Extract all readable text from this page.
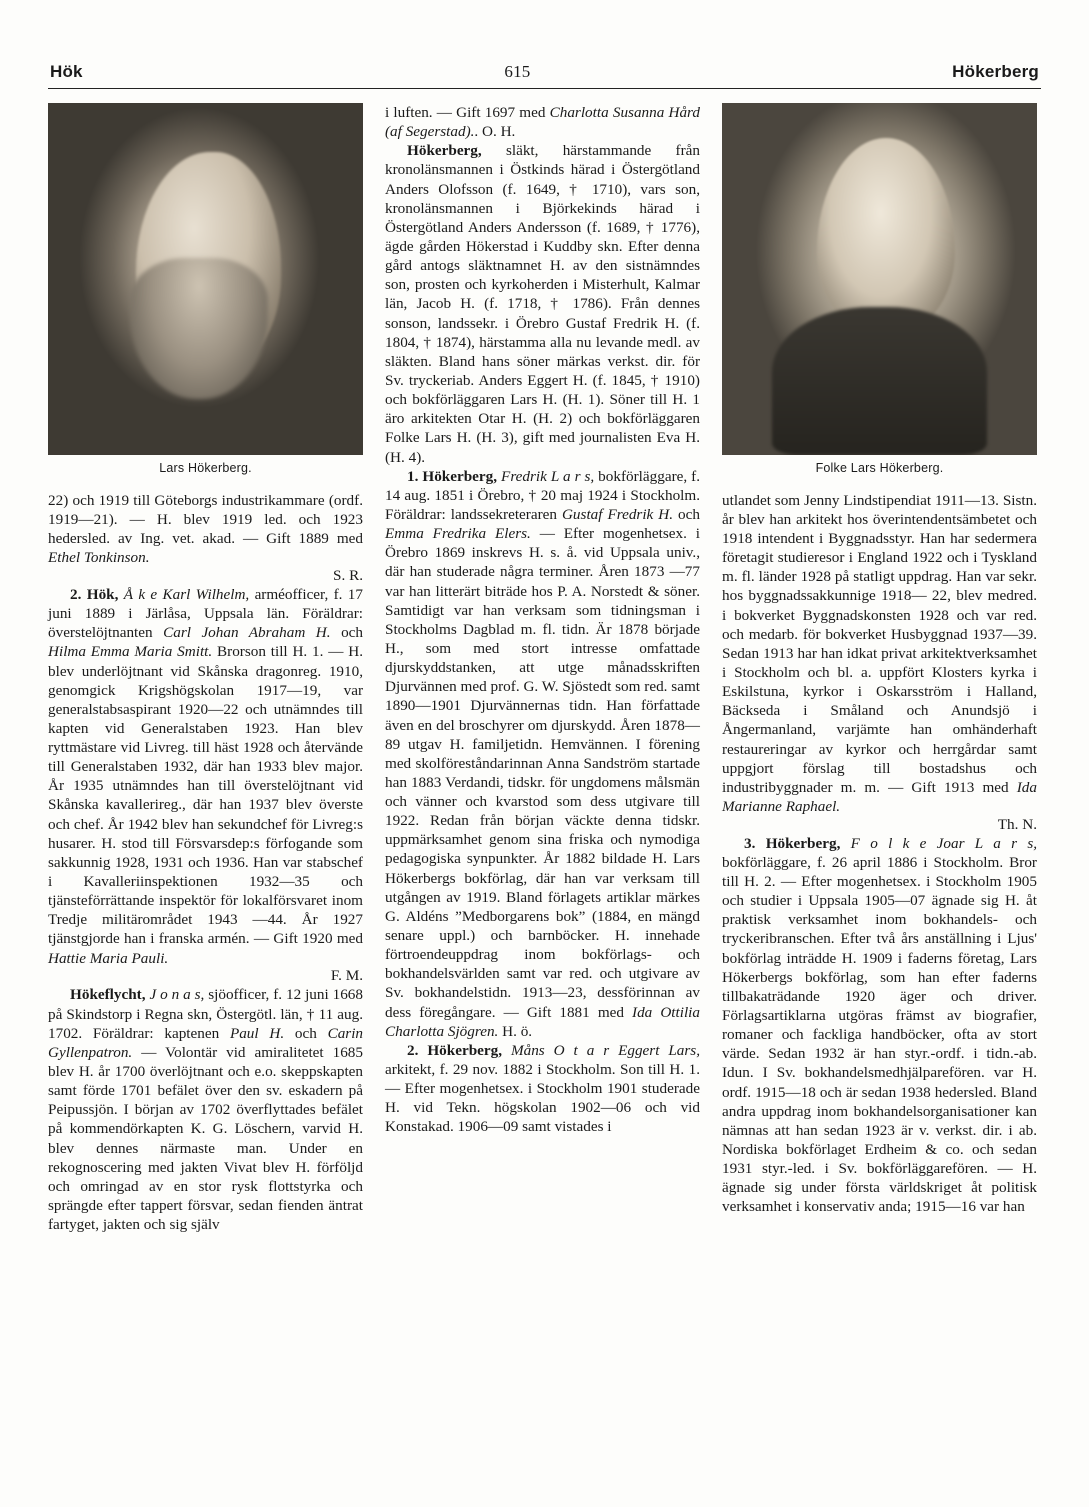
Hök	615	Hökerberg
Lars Hökerberg.

22) och 1919 till Göteborgs industrikammare (ordf. 1919—21). — H. blev 1919 led. och 1923 hedersled. av Ing. vet. akad. — Gift 1889 med Ethel Tonkinson.
S. R.

2. Hök, Å k e Karl Wilhelm, arméofficer, f. 17 juni 1889 i Järlåsa, Uppsala län. Föräldrar: överstelöjtnanten Carl Johan Abraham H. och Hilma Emma Maria Smitt. Brorson till H. 1. — H. blev underlöjtnant vid Skånska dragonreg. 1910, genomgick Krigshögskolan 1917—19, var generalstabsaspirant 1920—22 och utnämndes till kapten vid Generalstaben 1923. Han blev ryttmästare vid Livreg. till häst 1928 och återvände till Generalstaben 1932, där han 1933 blev major. År 1935 utnämndes han till överstelöjtnant vid Skånska kavallerireg., där han 1937 blev överste och chef. År 1942 blev han sekundchef för Livreg:s husarer. H. stod till Försvarsdep:s förfogande som sakkunnig 1928, 1931 och 1936. Han var stabschef i Kavalleriinspektionen 1932—35 och tjänsteförrättande inspektör för lokalförsvaret inom Tredje militärområdet 1943 —44. År 1927 tjänstgjorde han i franska armén. — Gift 1920 med Hattie Maria Pauli.
F. M.

Hökeflycht, J o n a s, sjöofficer, f. 12 juni 1668 på Skindstorp i Regna skn, Östergötl. län, † 11 aug. 1702. Föräldrar: kaptenen Paul H. och Carin Gyllenpatron. — Volontär vid amiralitetet 1685 blev H. år 1700 överlöjtnant och e.o. skeppskapten samt förde 1701 befälet över den sv. eskadern på Peipussjön. I början av 1702 överflyttades befälet på kommendörkapten K. G. Löschern, varvid H. blev dennes närmaste man. Under en rekognoscering med jakten Vivat blev H. förföljd och omringad av en stor rysk flottstyrka och sprängde efter tappert försvar, sedan fienden äntrat fartyget, jakten och sig själv

i luften. — Gift 1697 med Charlotta Susanna Hård (af Segerstad).. O. H.

Hökerberg, släkt, härstammande från kronolänsmannen i Östkinds härad i Östergötland Anders Olofsson (f. 1649, † 1710), vars son, kronolänsmannen i Björkekinds härad i Östergötland Anders Andersson (f. 1689, † 1776), ägde gården Hökerstad i Kuddby skn. Efter denna gård antogs släktnamnet H. av den sistnämndes son, prosten och kyrkoherden i Misterhult, Kalmar län, Jacob H. (f. 1718, † 1786). Från dennes sonson, landssekr. i Örebro Gustaf Fredrik H. (f. 1804, † 1874), härstamma alla nu levande medl. av släkten. Bland hans söner märkas verkst. dir. för Sv. tryckeriab. Anders Eggert H. (f. 1845, † 1910) och bokförläggaren Lars H. (H. 1). Söner till H. 1 äro arkitekten Otar H. (H. 2) och bokförläggaren Folke Lars H. (H. 3), gift med journalisten Eva H. (H. 4).

1. Hökerberg, Fredrik L a r s, bokförläggare, f. 14 aug. 1851 i Örebro, † 20 maj 1924 i Stockholm. Föräldrar: landssekreteraren Gustaf Fredrik H. och Emma Fredrika Elers. — Efter mogenhetsex. i Örebro 1869 inskrevs H. s. å. vid Uppsala univ., där han studerade några terminer. Åren 1873 —77 var han litterärt biträde hos P. A. Norstedt & söner. Samtidigt var han verksam som tidningsman i Stockholms Dagblad m. fl. tidn. Är 1878 började H., som med stort intresse omfattade djurskyddstanken, att utge månadsskriften Djurvännen med prof. G. W. Sjöstedt som red. samt 1890—1901 Djurvännernas tidn. Han författade även en del broschyrer om djurskydd. Åren 1878—89 utgav H. familjetidn. Hemvännen. I förening med skolföreståndarinnan Anna Sandström startade han 1883 Verdandi, tidskr. för ungdomens målsmän och vänner och kvarstod som dess utgivare till 1922. Redan från början väckte denna tidskr. uppmärksamhet genom sina friska och nymodiga pedagogiska synpunkter. År 1882 bildade H. Lars Hökerbergs bokförlag, där han var verksam till utgången av 1919. Bland förlagets artiklar märkes G. Aldéns ”Medborgarens bok” (1884, en mängd senare uppl.) och barnböcker. H. innehade förtroendeuppdrag inom bokförlags- och bokhandelsvärlden samt var red. och utgivare av Sv. bokhandelstidn. 1913—23, dessförinnan av dess föregångare. — Gift 1881 med Ida Ottilia Charlotta Sjögren. H. ö.

2. Hökerberg, Måns O t a r Eggert Lars, arkitekt, f. 29 nov. 1882 i Stockholm. Son till H. 1. — Efter mogenhetsex. i Stockholm 1901 studerade H. vid Tekn. högskolan 1902—06 och vid Konstakad. 1906—09 samt vistades i

Folke Lars Hökerberg.

utlandet som Jenny Lindstipendiat 1911—13. Sistn. år blev han arkitekt hos överintendentsämbetet och 1918 intendent i Byggnadsstyr. Han har sedermera företagit studieresor i England 1922 och i Tyskland m. fl. länder 1928 på statligt uppdrag. Han var sekr. hos byggnadssakkunnige 1918— 22, blev medred. i bokverket Byggnadskonsten 1928 och var red. och medarb. för bokverket Husbyggnad 1937—39. Sedan 1913 har han idkat privat arkitektverksamhet i Stockholm och bl. a. uppfört Klosters kyrka i Eskilstuna, kyrkor i Oskarsström i Halland, Bäckseda i Småland och Anundsjö i Ångermanland, varjämte han omhänderhaft restaureringar av kyrkor och herrgårdar samt uppgjort förslag till bostadshus och industribyggnader m. m. — Gift 1913 med Ida Marianne Raphael.
Th. N.

3. Hökerberg, F o l k e Joar L a r s, bokförläggare, f. 26 april 1886 i Stockholm. Bror till H. 2. — Efter mogenhetsex. i Stockholm 1905 och studier i Uppsala 1905—07 ägnade sig H. åt praktisk verksamhet inom bokhandels- och tryckeribranschen. Efter två års anställning i Ljus' bokförlag inträdde H. 1909 i faderns företag, Lars Hökerbergs bokförlag, som han efter faderns tillbakaträdande 1920 äger och driver. Förlagsartiklarna utgöras främst av biografier, romaner och fackliga handböcker, ofta av stort värde. Sedan 1932 är han styr.-ordf. i tidn.-ab. Idun. I Sv. bokhandelsmedhjälparefören. var H. ordf. 1915—18 och är sedan 1938 hedersled. Bland andra uppdrag inom bokhandelsorganisationer kan nämnas att han sedan 1923 är v. verkst. dir. i ab. Nordiska bokförlaget Erdheim & co. och sedan 1931 styr.-led. i Sv. bokförläggarefören. — H. ägnade sig under första världskriget åt politisk verksamhet i konservativ anda; 1915—16 var han
